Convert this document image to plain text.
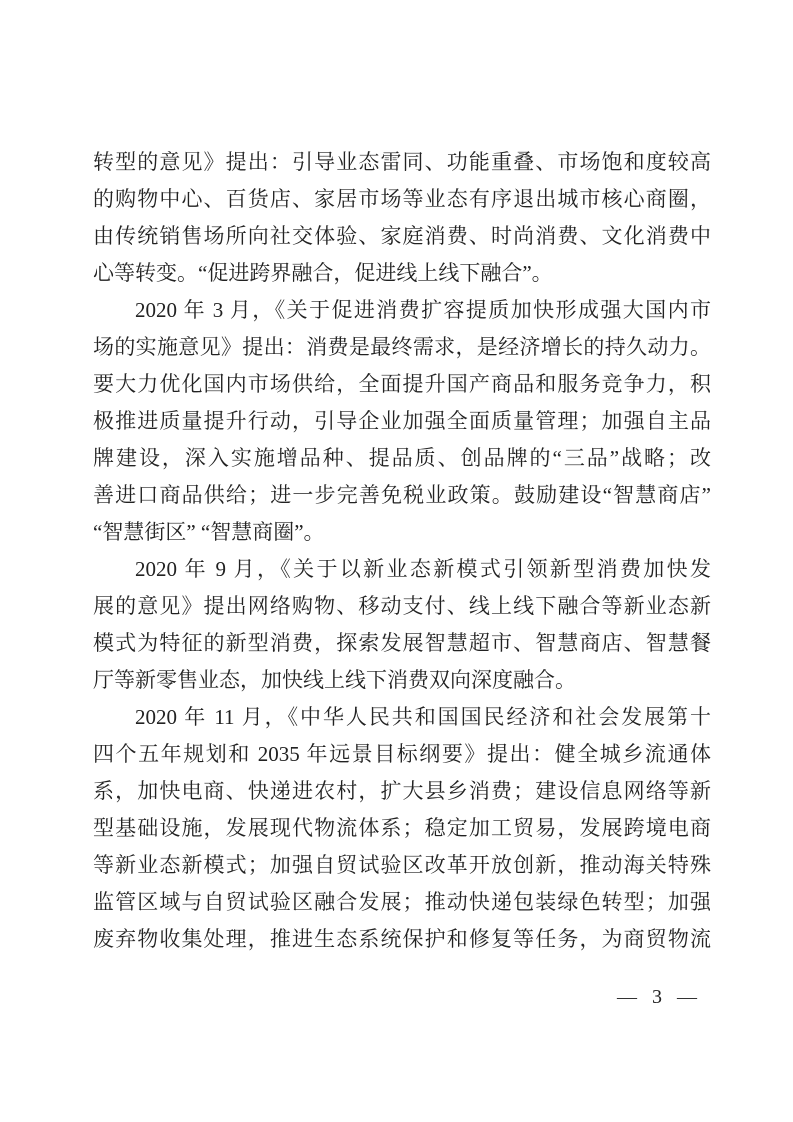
转型的意见》提出：引导业态雷同、功能重叠、市场饱和度较高
的购物中心、百货店、家居市场等业态有序退出城市核心商圈，
由传统销售场所向社交体验、家庭消费、时尚消费、文化消费中
心等转变。“促进跨界融合，促进线上线下融合”。
2020 年 3 月，《关于促进消费扩容提质加快形成强大国内市
场的实施意见》提出：消费是最终需求，是经济增长的持久动力。
要大力优化国内市场供给，全面提升国产商品和服务竞争力，积
极推进质量提升行动，引导企业加强全面质量管理；加强自主品
牌建设，深入实施增品种、提品质、创品牌的“三品”战略；改
善进口商品供给；进一步完善免税业政策。鼓励建设“智慧商店”
“智慧街区” “智慧商圈”。
2020 年 9 月，《关于以新业态新模式引领新型消费加快发
展的意见》提出网络购物、移动支付、线上线下融合等新业态新
模式为特征的新型消费，探索发展智慧超市、智慧商店、智慧餐
厅等新零售业态，加快线上线下消费双向深度融合。
2020 年 11 月，《中华人民共和国国民经济和社会发展第十
四个五年规划和 2035 年远景目标纲要》提出：健全城乡流通体
系，加快电商、快递进农村，扩大县乡消费；建设信息网络等新
型基础设施，发展现代物流体系；稳定加工贸易，发展跨境电商
等新业态新模式；加强自贸试验区改革开放创新，推动海关特殊
监管区域与自贸试验区融合发展；推动快递包装绿色转型；加强
废弃物收集处理，推进生态系统保护和修复等任务，为商贸物流
— 3 —
